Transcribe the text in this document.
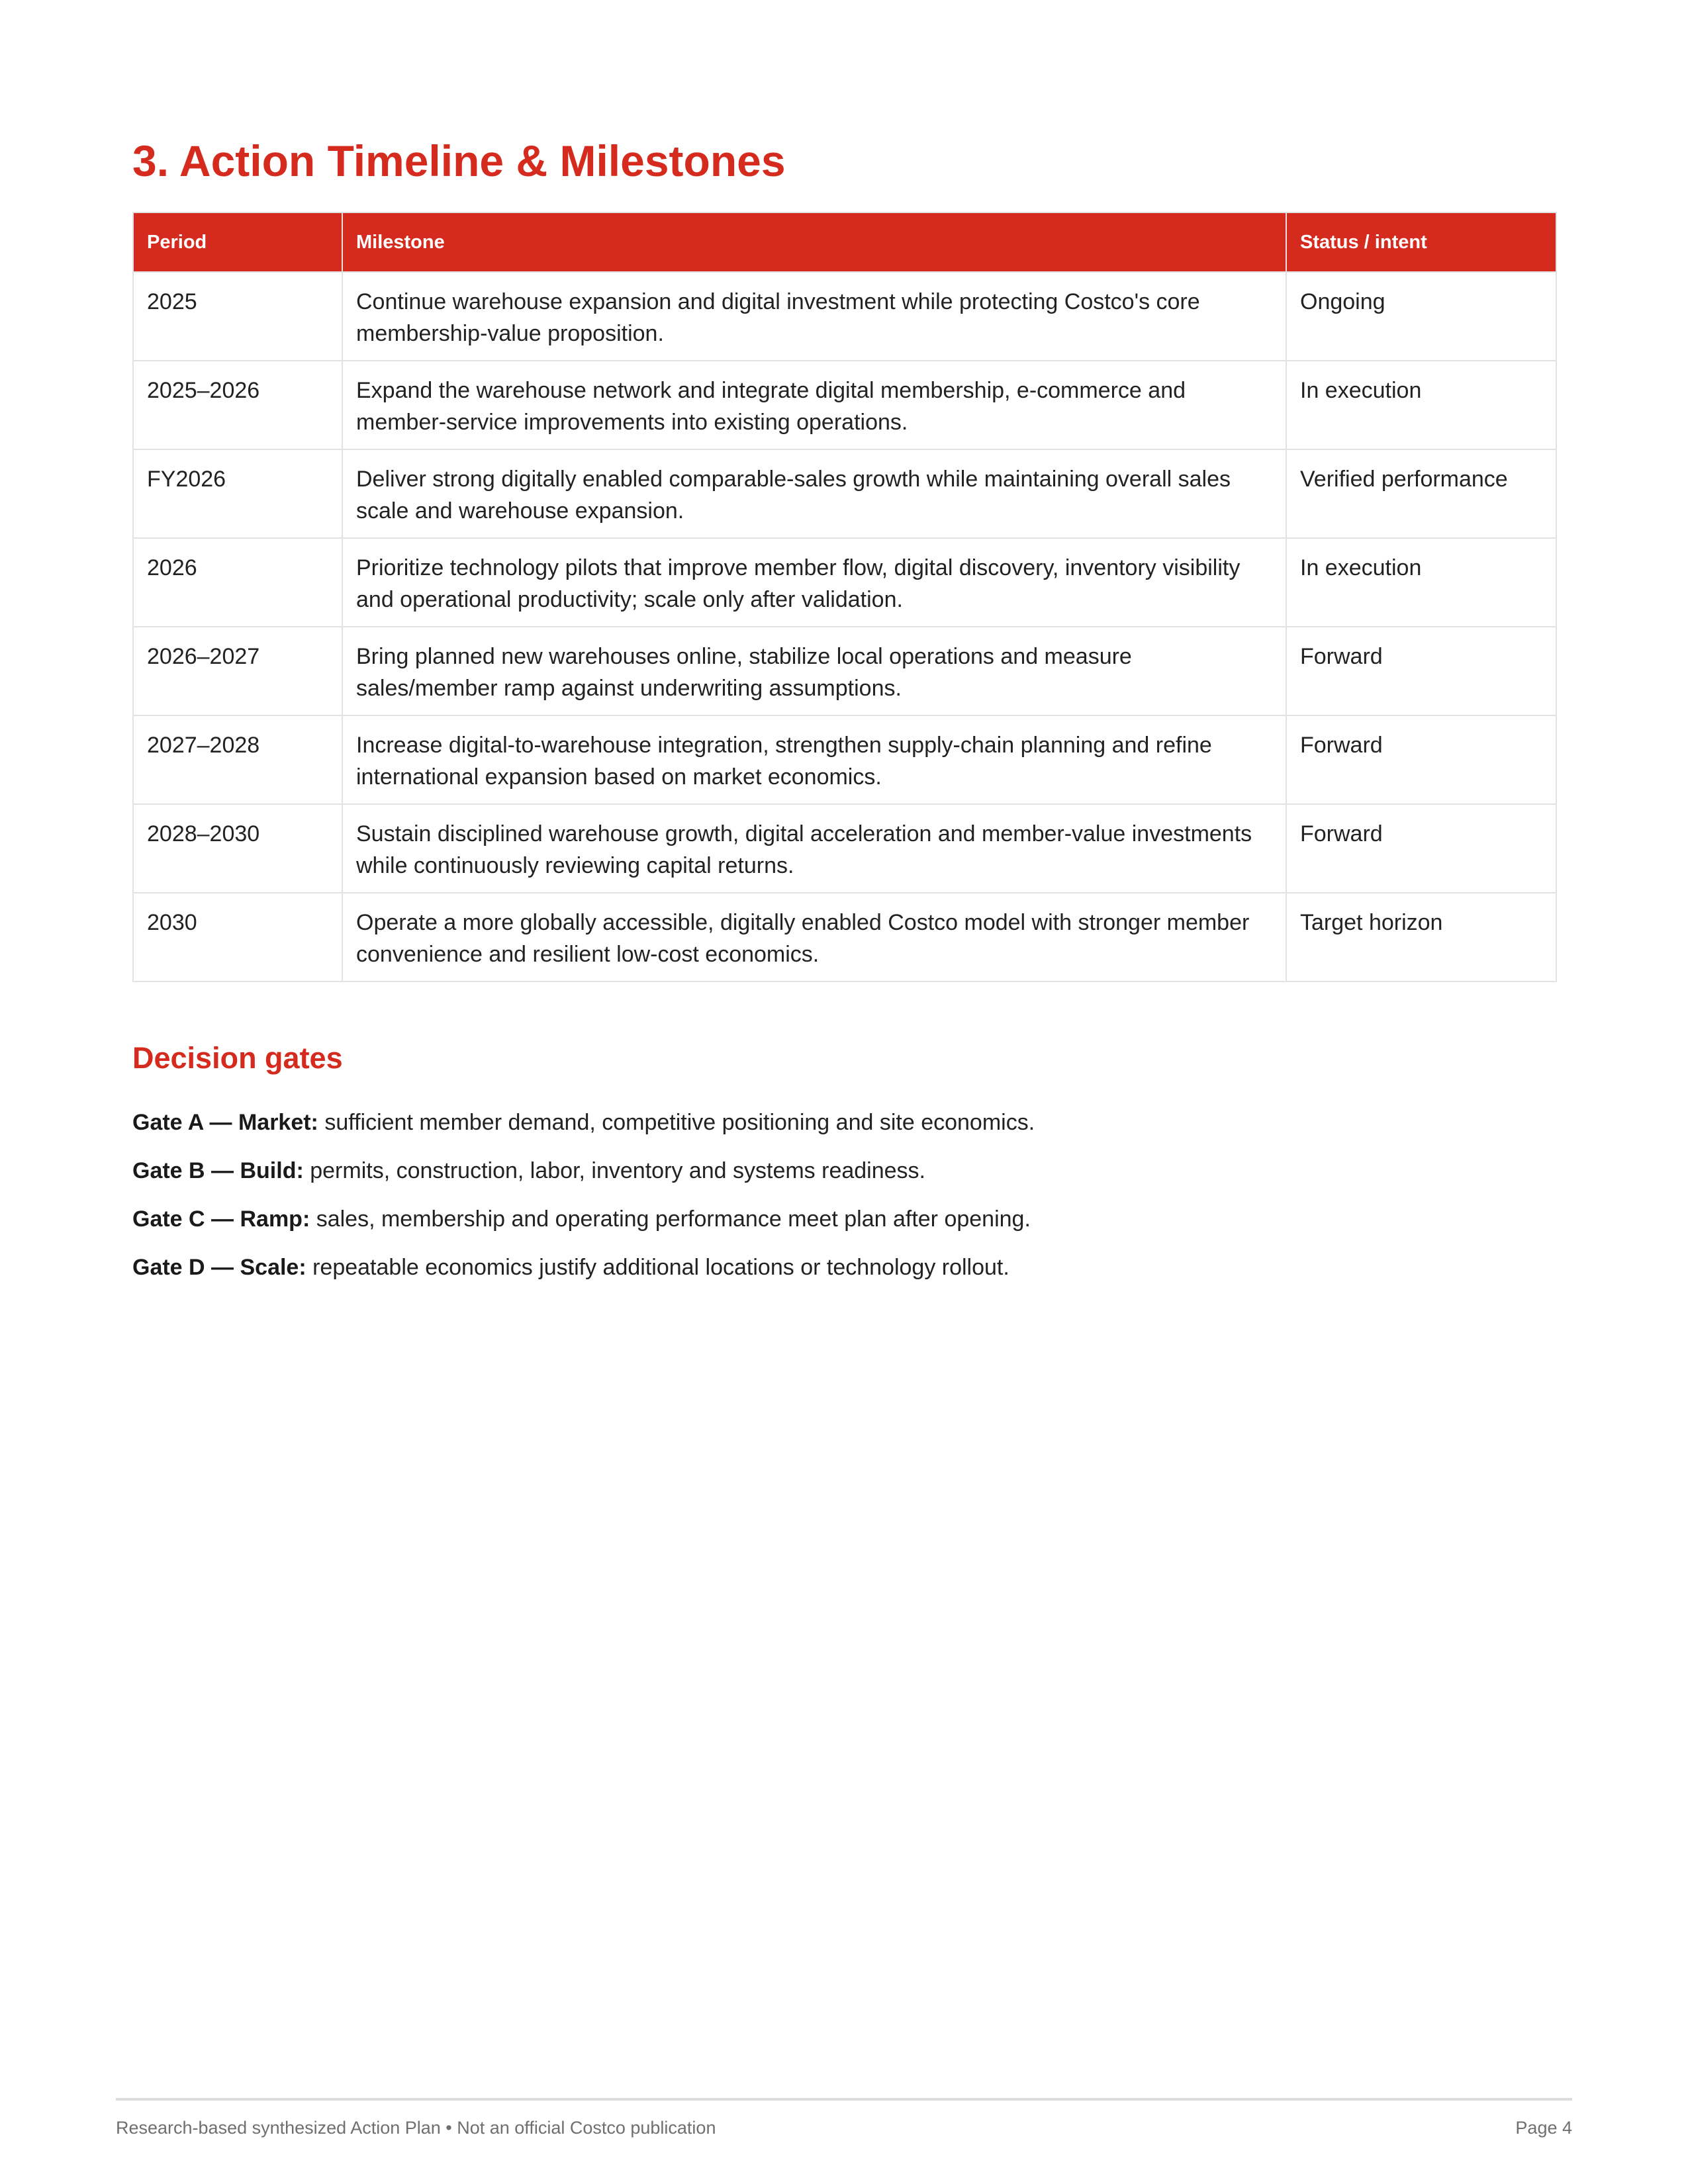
3. Action Timeline & Milestones
Period	Milestone	Status / intent
2025	Continue warehouse expansion and digital investment while protecting Costco's core membership-value proposition.	Ongoing
2025–2026	Expand the warehouse network and integrate digital membership, e-commerce and member-service improvements into existing operations.	In execution
FY2026	Deliver strong digitally enabled comparable-sales growth while maintaining overall sales scale and warehouse expansion.	Verified performance
2026	Prioritize technology pilots that improve member flow, digital discovery, inventory visibility and operational productivity; scale only after validation.	In execution
2026–2027	Bring planned new warehouses online, stabilize local operations and measure sales/member ramp against underwriting assumptions.	Forward
2027–2028	Increase digital-to-warehouse integration, strengthen supply-chain planning and refine international expansion based on market economics.	Forward
2028–2030	Sustain disciplined warehouse growth, digital acceleration and member-value investments while continuously reviewing capital returns.	Forward
2030	Operate a more globally accessible, digitally enabled Costco model with stronger member convenience and resilient low-cost economics.	Target horizon
Decision gates

Gate A — Market: sufficient member demand, competitive positioning and site economics.

Gate B — Build: permits, construction, labor, inventory and systems readiness.

Gate C — Ramp: sales, membership and operating performance meet plan after opening.

Gate D — Scale: repeatable economics justify additional locations or technology rollout.

Research-based synthesized Action Plan • Not an official Costco publication	Page 4
